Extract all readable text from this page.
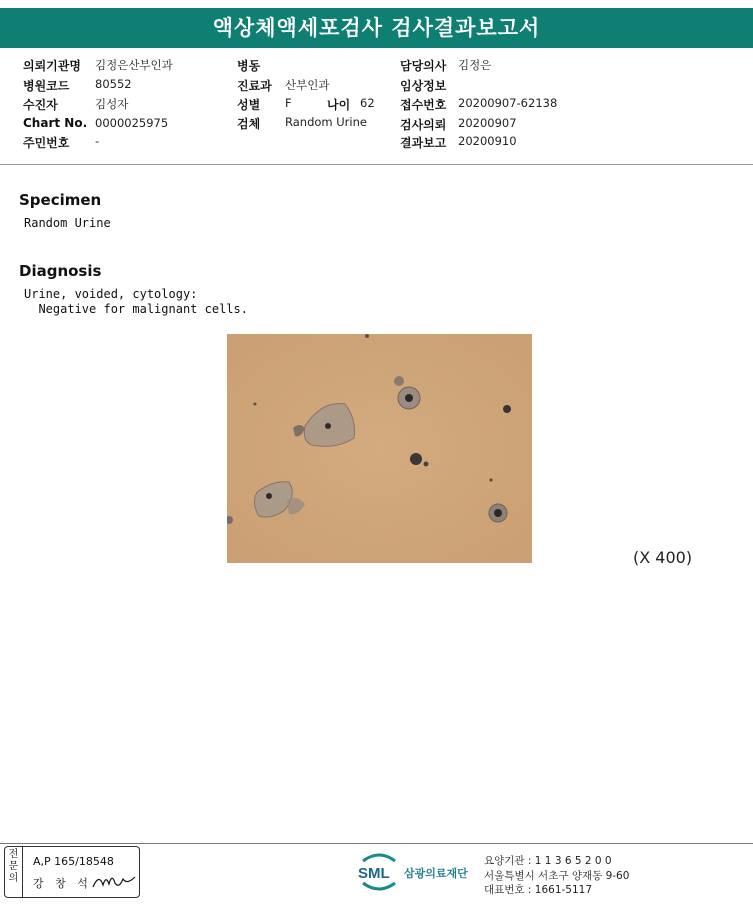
액상체액세포검사 검사결과보고서
의뢰기관명 김정은산부인과
병원코드 80552
수진자	김성자
Chart No. 0000025975
주민번호 -
병동
진료과 산부인과
성별 F	나이 62
검체 Random Urine
담당의사 김정은
임상정보
접수번호 20200907-62138
검사의뢰 20200907
결과보고 20200910
Specimen
Random Urine
Diagnosis
Urine, voided, cytology:
Negative for malignant cells.
(X 400)
전문의
A,P 165/18548
강 창 석
SML 삼광의료재단
요양기관 : 1 1 3 6 5 2 0 0
서울특별시 서초구 양재동 9-60
대표번호 : 1661-5117
